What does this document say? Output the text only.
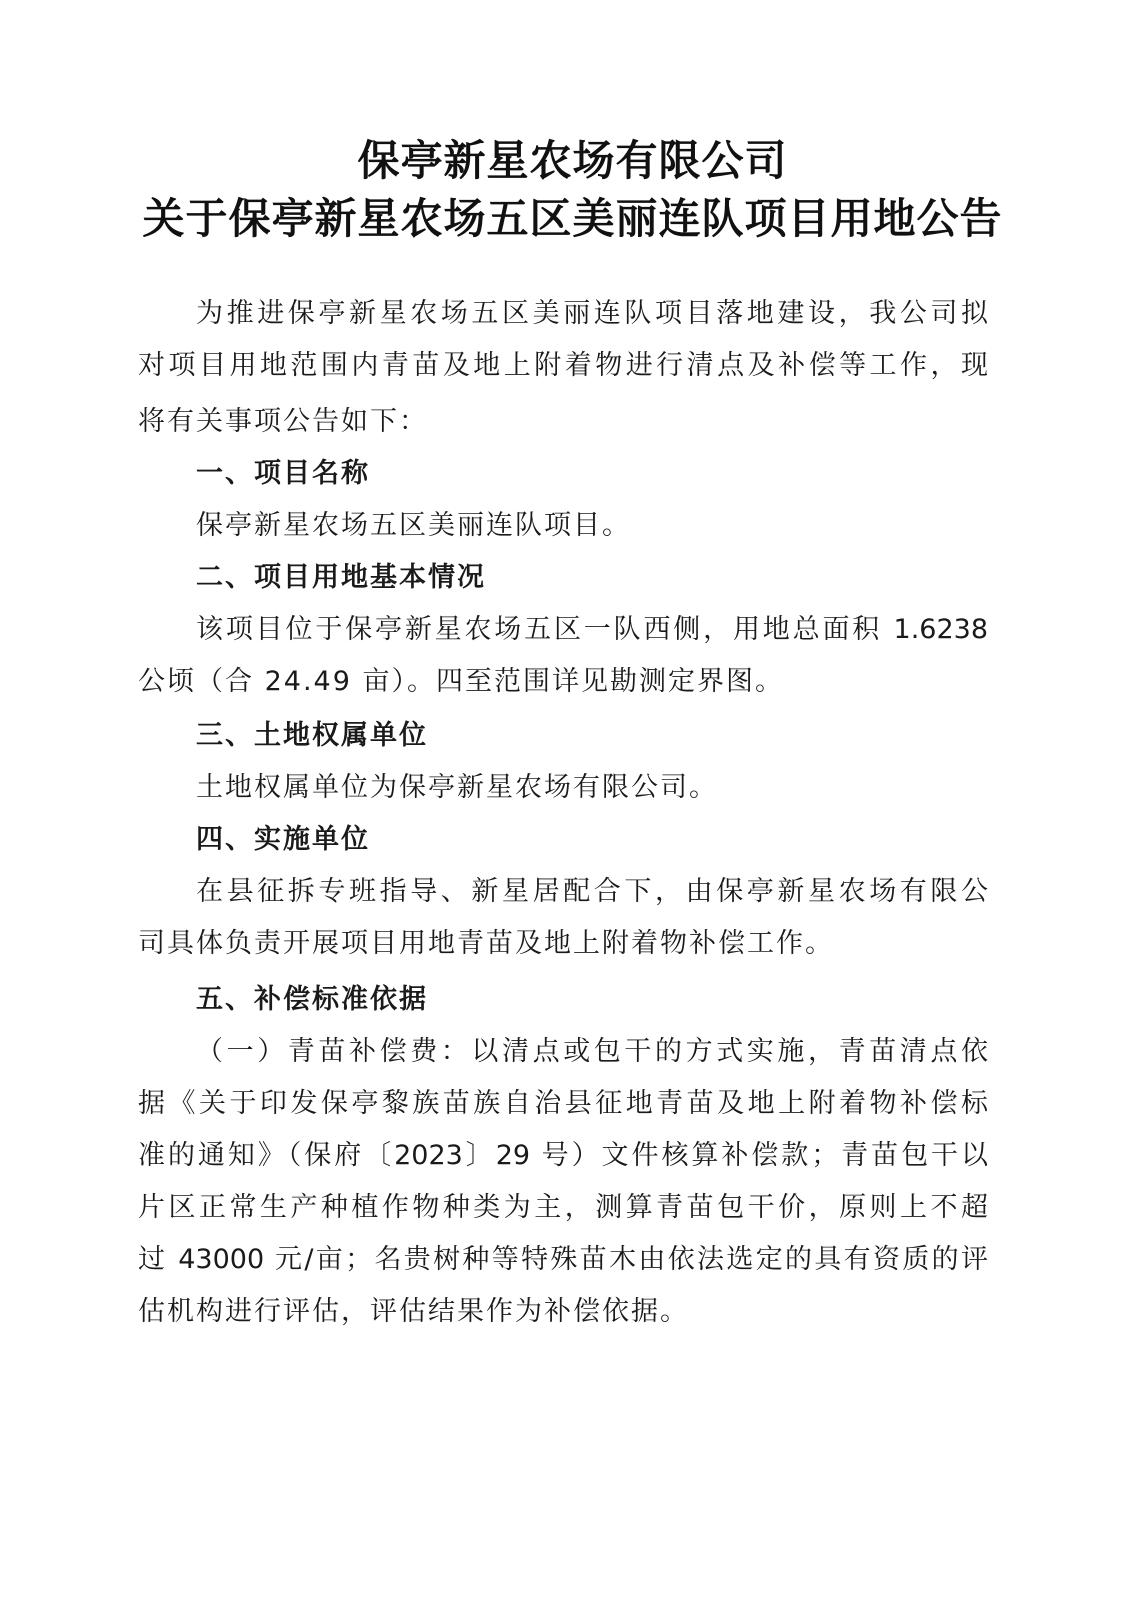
保亭新星农场有限公司
关于保亭新星农场五区美丽连队项目用地公告
为推进保亭新星农场五区美丽连队项目落地建设，我公司拟
对项目用地范围内青苗及地上附着物进行清点及补偿等工作，现
将有关事项公告如下：
一、项目名称
保亭新星农场五区美丽连队项目。
二、项目用地基本情况
该项目位于保亭新星农场五区一队西侧，用地总面积 1.6238
公顷（合 24.49 亩）。四至范围详见勘测定界图。
三、土地权属单位
土地权属单位为保亭新星农场有限公司。
四、实施单位
在县征拆专班指导、新星居配合下，由保亭新星农场有限公
司具体负责开展项目用地青苗及地上附着物补偿工作。
五、补偿标准依据
（一）青苗补偿费：以清点或包干的方式实施，青苗清点依
据《关于印发保亭黎族苗族自治县征地青苗及地上附着物补偿标
准的通知》（保府〔2023〕29 号）文件核算补偿款；青苗包干以
片区正常生产种植作物种类为主，测算青苗包干价，原则上不超
过 43000 元/亩；名贵树种等特殊苗木由依法选定的具有资质的评
估机构进行评估，评估结果作为补偿依据。
